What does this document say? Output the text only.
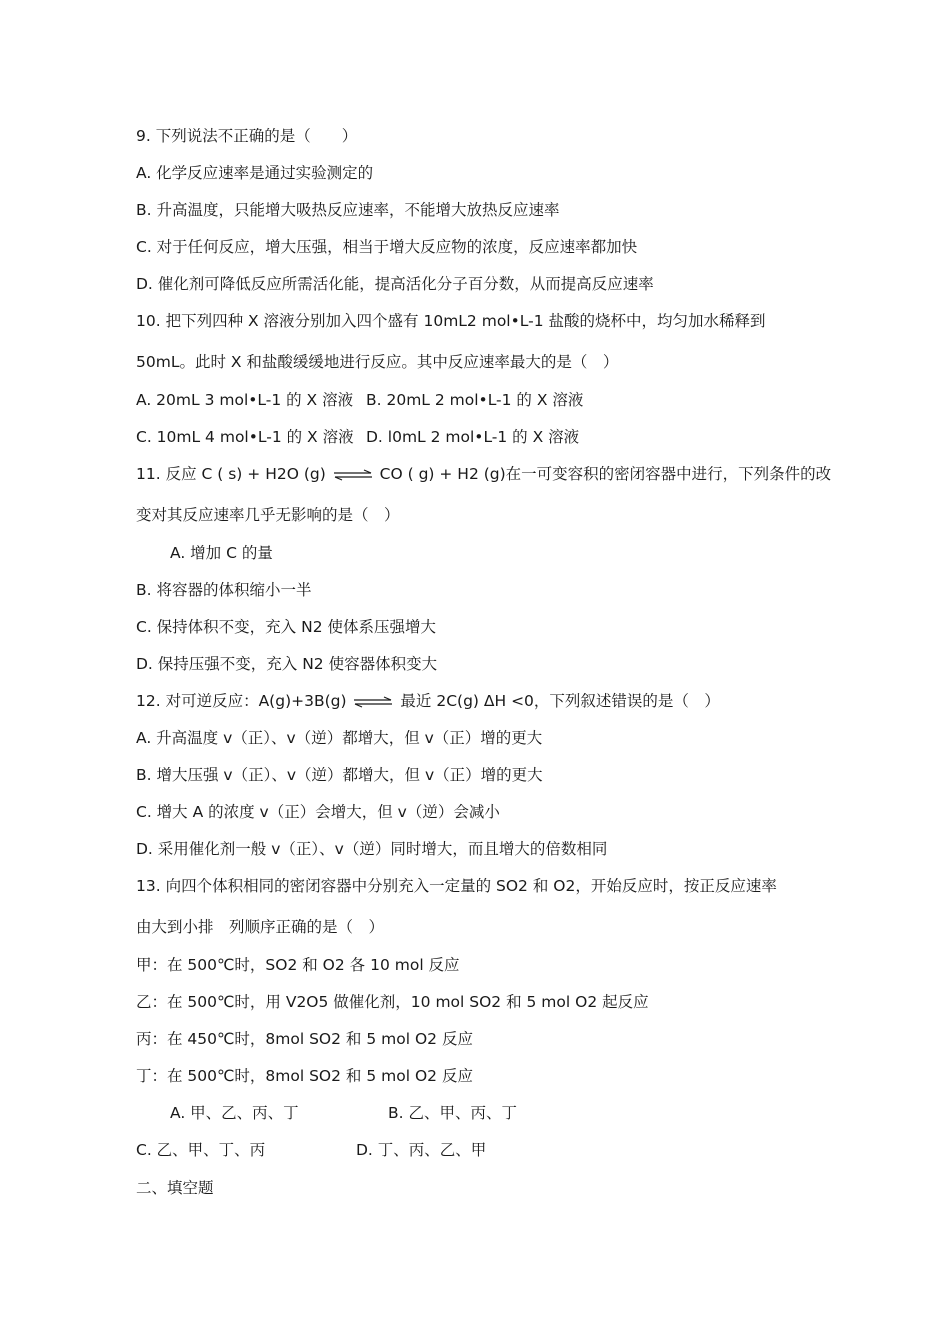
9. 下列说法不正确的是（　　）
A. 化学反应速率是通过实验测定的
B. 升高温度，只能增大吸热反应速率，不能增大放热反应速率
C. 对于任何反应，增大压强，相当于增大反应物的浓度，反应速率都加快
D. 催化剂可降低反应所需活化能，提高活化分子百分数，从而提高反应速率
10. 把下列四种 X 溶液分别加入四个盛有 10mL2 mol•L-1 盐酸的烧杯中，均匀加水稀释到
50mL。此时 X 和盐酸缓缓地进行反应。其中反应速率最大的是（　）
A. 20mL 3 mol•L-1 的 X 溶液 B. 20mL 2 mol•L-1 的 X 溶液
C. 10mL 4 mol•L-1 的 X 溶液 D. l0mL 2 mol•L-1 的 X 溶液
11. 反应 C ( s) + H2O (g) ⇌ CO ( g) + H2 (g)在一可变容积的密闭容器中进行，下列条件的改
变对其反应速率几乎无影响的是（　）
A. 增加 C 的量
B. 将容器的体积缩小一半
C. 保持体积不变，充入 N2 使体系压强增大
D. 保持压强不变，充入 N2 使容器体积变大
12. 对可逆反应：A(g)+3B(g) ⇌ 最近 2C(g) ΔH <0，下列叙述错误的是（　）
A. 升高温度 v（正）、v（逆）都增大，但 v（正）增的更大
B. 增大压强 v（正）、v（逆）都增大，但 v（正）增的更大
C. 增大 A 的浓度 v（正）会增大，但 v（逆）会减小
D. 采用催化剂一般 v（正）、v（逆）同时增大，而且增大的倍数相同
13. 向四个体积相同的密闭容器中分别充入一定量的 SO2 和 O2，开始反应时，按正反应速率
由大到小排　列顺序正确的是（　）
甲：在 500℃时，SO2 和 O2 各 10 mol 反应
乙：在 500℃时，用 V2O5 做催化剂，10 mol SO2 和 5 mol O2 起反应
丙：在 450℃时，8mol SO2 和 5 mol O2 反应
丁：在 500℃时，8mol SO2 和 5 mol O2 反应
A. 甲、乙、丙、丁	B. 乙、甲、丙、丁
C. 乙、甲、丁、丙	D. 丁、丙、乙、甲
二、填空题
